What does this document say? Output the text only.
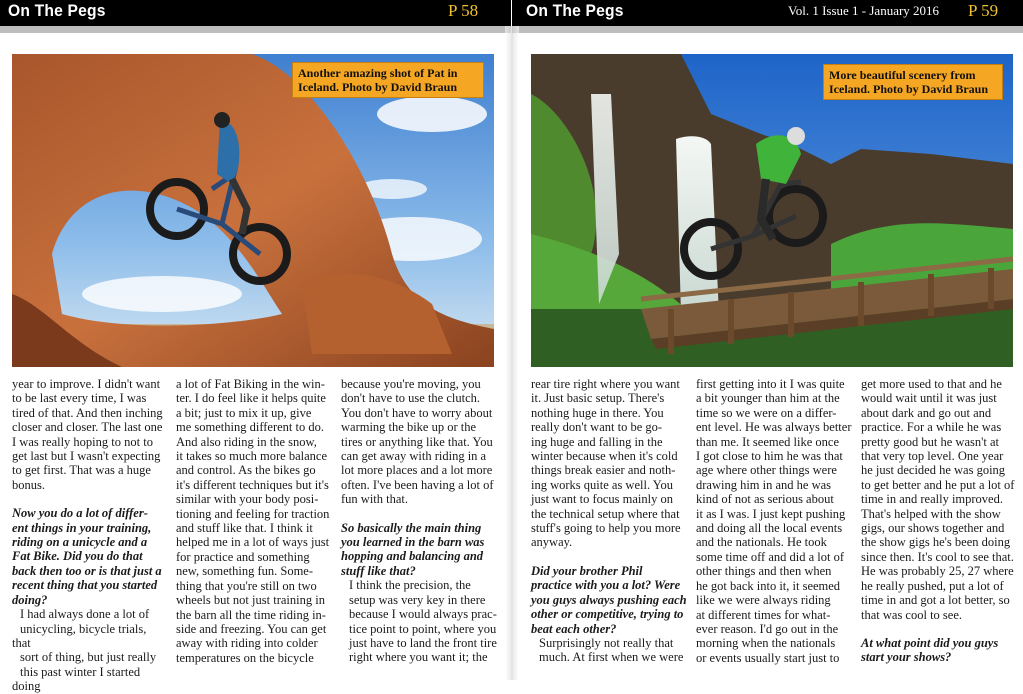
On The Pegs	P 58
Another amazing shot of Pat in
Iceland. Photo by David Braun

year to improve. I didn't want
to be last every time, I was
tired of that. And then inching
closer and closer. The last one
I was really hoping to not to
get last but I wasn't expecting
to get first. That was a huge
bonus.

Now you do a lot of differ-
ent things in your training,
riding on a unicycle and a
Fat Bike. Did you do that
back then too or is that just a
recent thing that you started
doing?

I had always done a lot of
unicycling, bicycle trials, that
sort of thing, but just really
this past winter I started doing

a lot of Fat Biking in the win-
ter. I do feel like it helps quite
a bit; just to mix it up, give
me something different to do.
And also riding in the snow,
it takes so much more balance
and control. As the bikes go
it's different techniques but it's
similar with your body posi-
tioning and feeling for traction
and stuff like that. I think it
helped me in a lot of ways just
for practice and something
new, something fun. Some-
thing that you're still on two
wheels but not just training in
the barn all the time riding in-
side and freezing. You can get
away with riding into colder
temperatures on the bicycle

because you're moving, you
don't have to use the clutch.
You don't have to worry about
warming the bike up or the
tires or anything like that. You
can get away with riding in a
lot more places and a lot more
often. I've been having a lot of
fun with that.

So basically the main thing
you learned in the barn was
hopping and balancing and
stuff like that?

I think the precision, the
setup was very key in there
because I would always prac-
tice point to point, where you
just have to land the front tire
right where you want it; the

On The Pegs	Vol. 1 Issue 1 - January 2016 P 59
More beautiful scenery from
Iceland. Photo by David Braun

rear tire right where you want
it. Just basic setup. There's
nothing huge in there. You
really don't want to be go-
ing huge and falling in the
winter because when it's cold
things break easier and noth-
ing works quite as well. You
just want to focus mainly on
the technical setup where that
stuff's going to help you more
anyway.

Did your brother Phil
practice with you a lot? Were
you guys always pushing each
other or competitive, trying to
beat each other?

Surprisingly not really that
much. At first when we were

first getting into it I was quite
a bit younger than him at the
time so we were on a differ-
ent level. He was always better
than me. It seemed like once
I got close to him he was that
age where other things were
drawing him in and he was
kind of not as serious about
it as I was. I just kept pushing
and doing all the local events
and the nationals. He took
some time off and did a lot of
other things and then when
he got back into it, it seemed
like we were always riding
at different times for what-
ever reason. I'd go out in the
morning when the nationals
or events usually start just to

get more used to that and he
would wait until it was just
about dark and go out and
practice. For a while he was
pretty good but he wasn't at
that very top level. One year
he just decided he was going
to get better and he put a lot of
time in and really improved.
That's helped with the show
gigs, our shows together and
the show gigs he's been doing
since then. It's cool to see that.
He was probably 25, 27 where
he really pushed, put a lot of
time in and got a lot better, so
that was cool to see.

At what point did you guys
start your shows?
